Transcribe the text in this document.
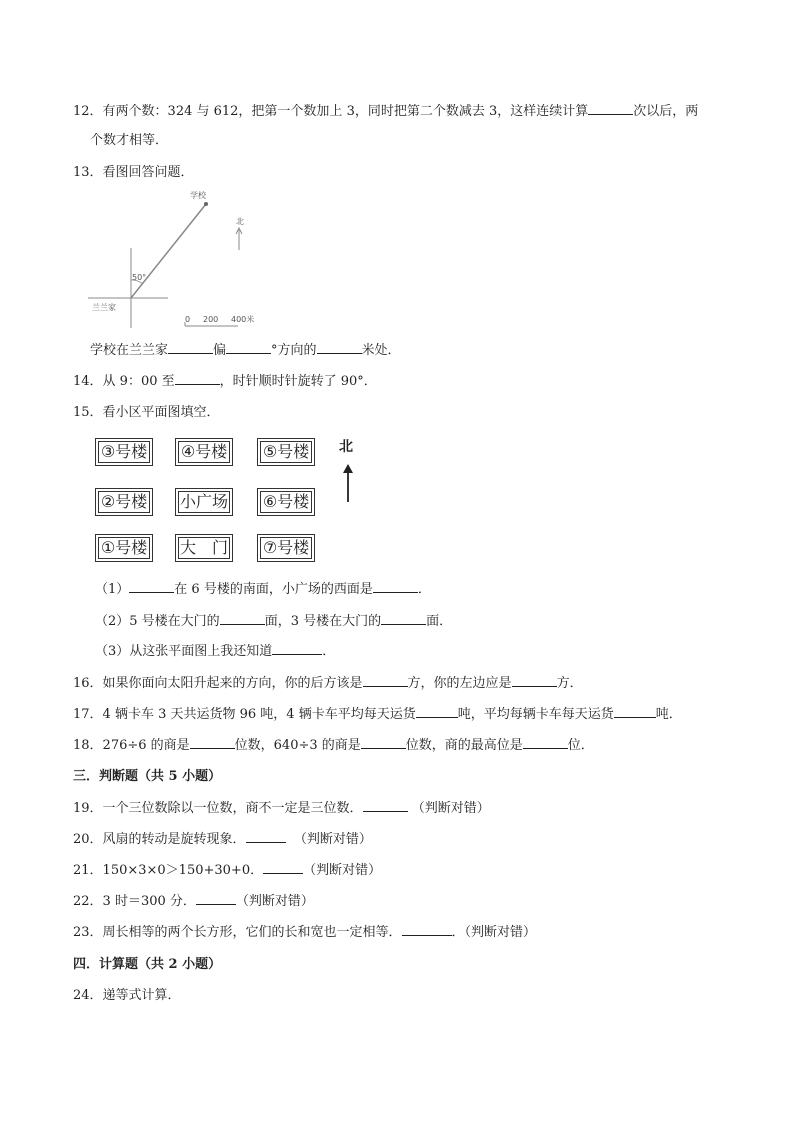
12．有两个数：324 与 612，把第一个数加上 3，同时把第二个数减去 3，这样连续计算	次以后，两
个数才相等．
13．看图回答问题．
学校
兰兰家
50°
北
0 200 400米
学校在兰兰家	偏	°方向的	米处．
14．从 9：00 至	，时针顺时针旋转了 90°．
15．看小区平面图填空．
③号楼 ④号楼 ⑤号楼
②号楼 小广场 ⑥号楼
①号楼 大　门 ⑦号楼
北
（1）	在 6 号楼的南面，小广场的西面是	．
（2）5 号楼在大门的	面，3 号楼在大门的	面．
（3）从这张平面图上我还知道	．
16．如果你面向太阳升起来的方向，你的后方该是	方，你的左边应是	方．
17．4 辆卡车 3 天共运货物 96 吨，4 辆卡车平均每天运货	吨，平均每辆卡车每天运货	吨．
18．276÷6 的商是	位数，640÷3 的商是	位数，商的最高位是	位．
三．判断题（共 5 小题）
19．一个三位数除以一位数，商不一定是三位数．	（判断对错）
20．风扇的转动是旋转现象．	（判断对错）
21．150×3×0＞150+30+0．	（判断对错）
22．3 时＝300 分．	（判断对错）
23．周长相等的两个长方形，它们的长和宽也一定相等．	．（判断对错）
四．计算题（共 2 小题）
24．递等式计算．
